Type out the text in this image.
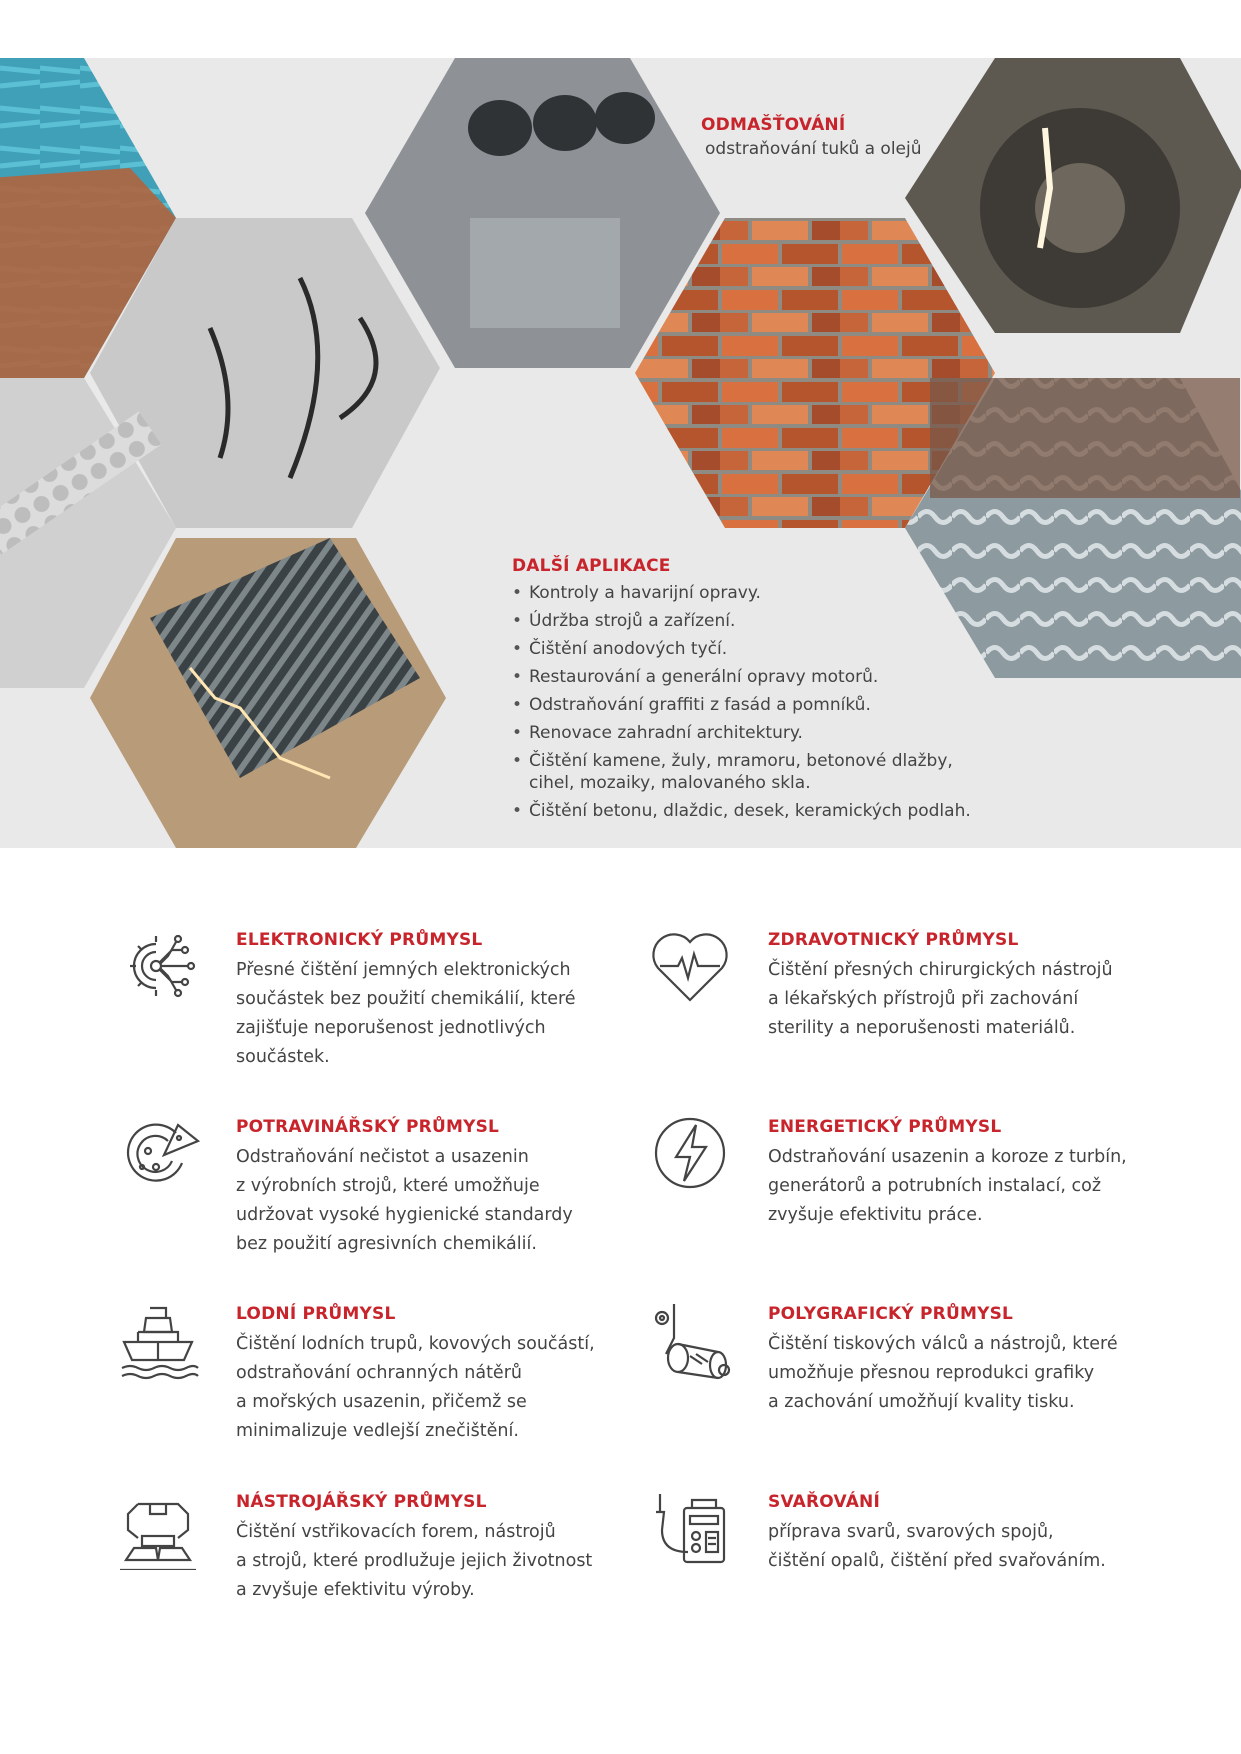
ODMAŠŤOVÁNÍ
odstraňování tuků a olejů
DALŠÍ APLIKACE
• Kontroly a havarijní opravy.
• Údržba strojů a zařízení.
• Čištění anodových tyčí.
• Restaurování a generální opravy motorů.
• Odstraňování graffiti z fasád a pomníků.
• Renovace zahradní architektury.
• Čištění kamene, žuly, mramoru, betonové dlažby, cihel, mozaiky, malovaného skla.
• Čištění betonu, dlaždic, desek, keramických podlah.
ELEKTRONICKÝ PRŮMYSL
Přesné čištění jemných elektronických
součástek bez použití chemikálií, které
zajišťuje neporušenost jednotlivých
součástek.
ZDRAVOTNICKÝ PRŮMYSL
Čištění přesných chirurgických nástrojů
a lékařských přístrojů při zachování
sterility a neporušenosti materiálů.
POTRAVINÁŘSKÝ PRŮMYSL
Odstraňování nečistot a usazenin
z výrobních strojů, které umožňuje
udržovat vysoké hygienické standardy
bez použití agresivních chemikálií.
ENERGETICKÝ PRŮMYSL
Odstraňování usazenin a koroze z turbín,
generátorů a potrubních instalací, což
zvyšuje efektivitu práce.
LODNÍ PRŮMYSL
Čištění lodních trupů, kovových součástí,
odstraňování ochranných nátěrů
a mořských usazenin, přičemž se
minimalizuje vedlejší znečištění.
POLYGRAFICKÝ PRŮMYSL
Čištění tiskových válců a nástrojů, které
umožňuje přesnou reprodukci grafiky
a zachování umožňují kvality tisku.
NÁSTROJÁŘSKÝ PRŮMYSL
Čištění vstřikovacích forem, nástrojů
a strojů, které prodlužuje jejich životnost
a zvyšuje efektivitu výroby.
SVAŘOVÁNÍ
příprava svarů, svarových spojů,
čištění opalů, čištění před svařováním.
